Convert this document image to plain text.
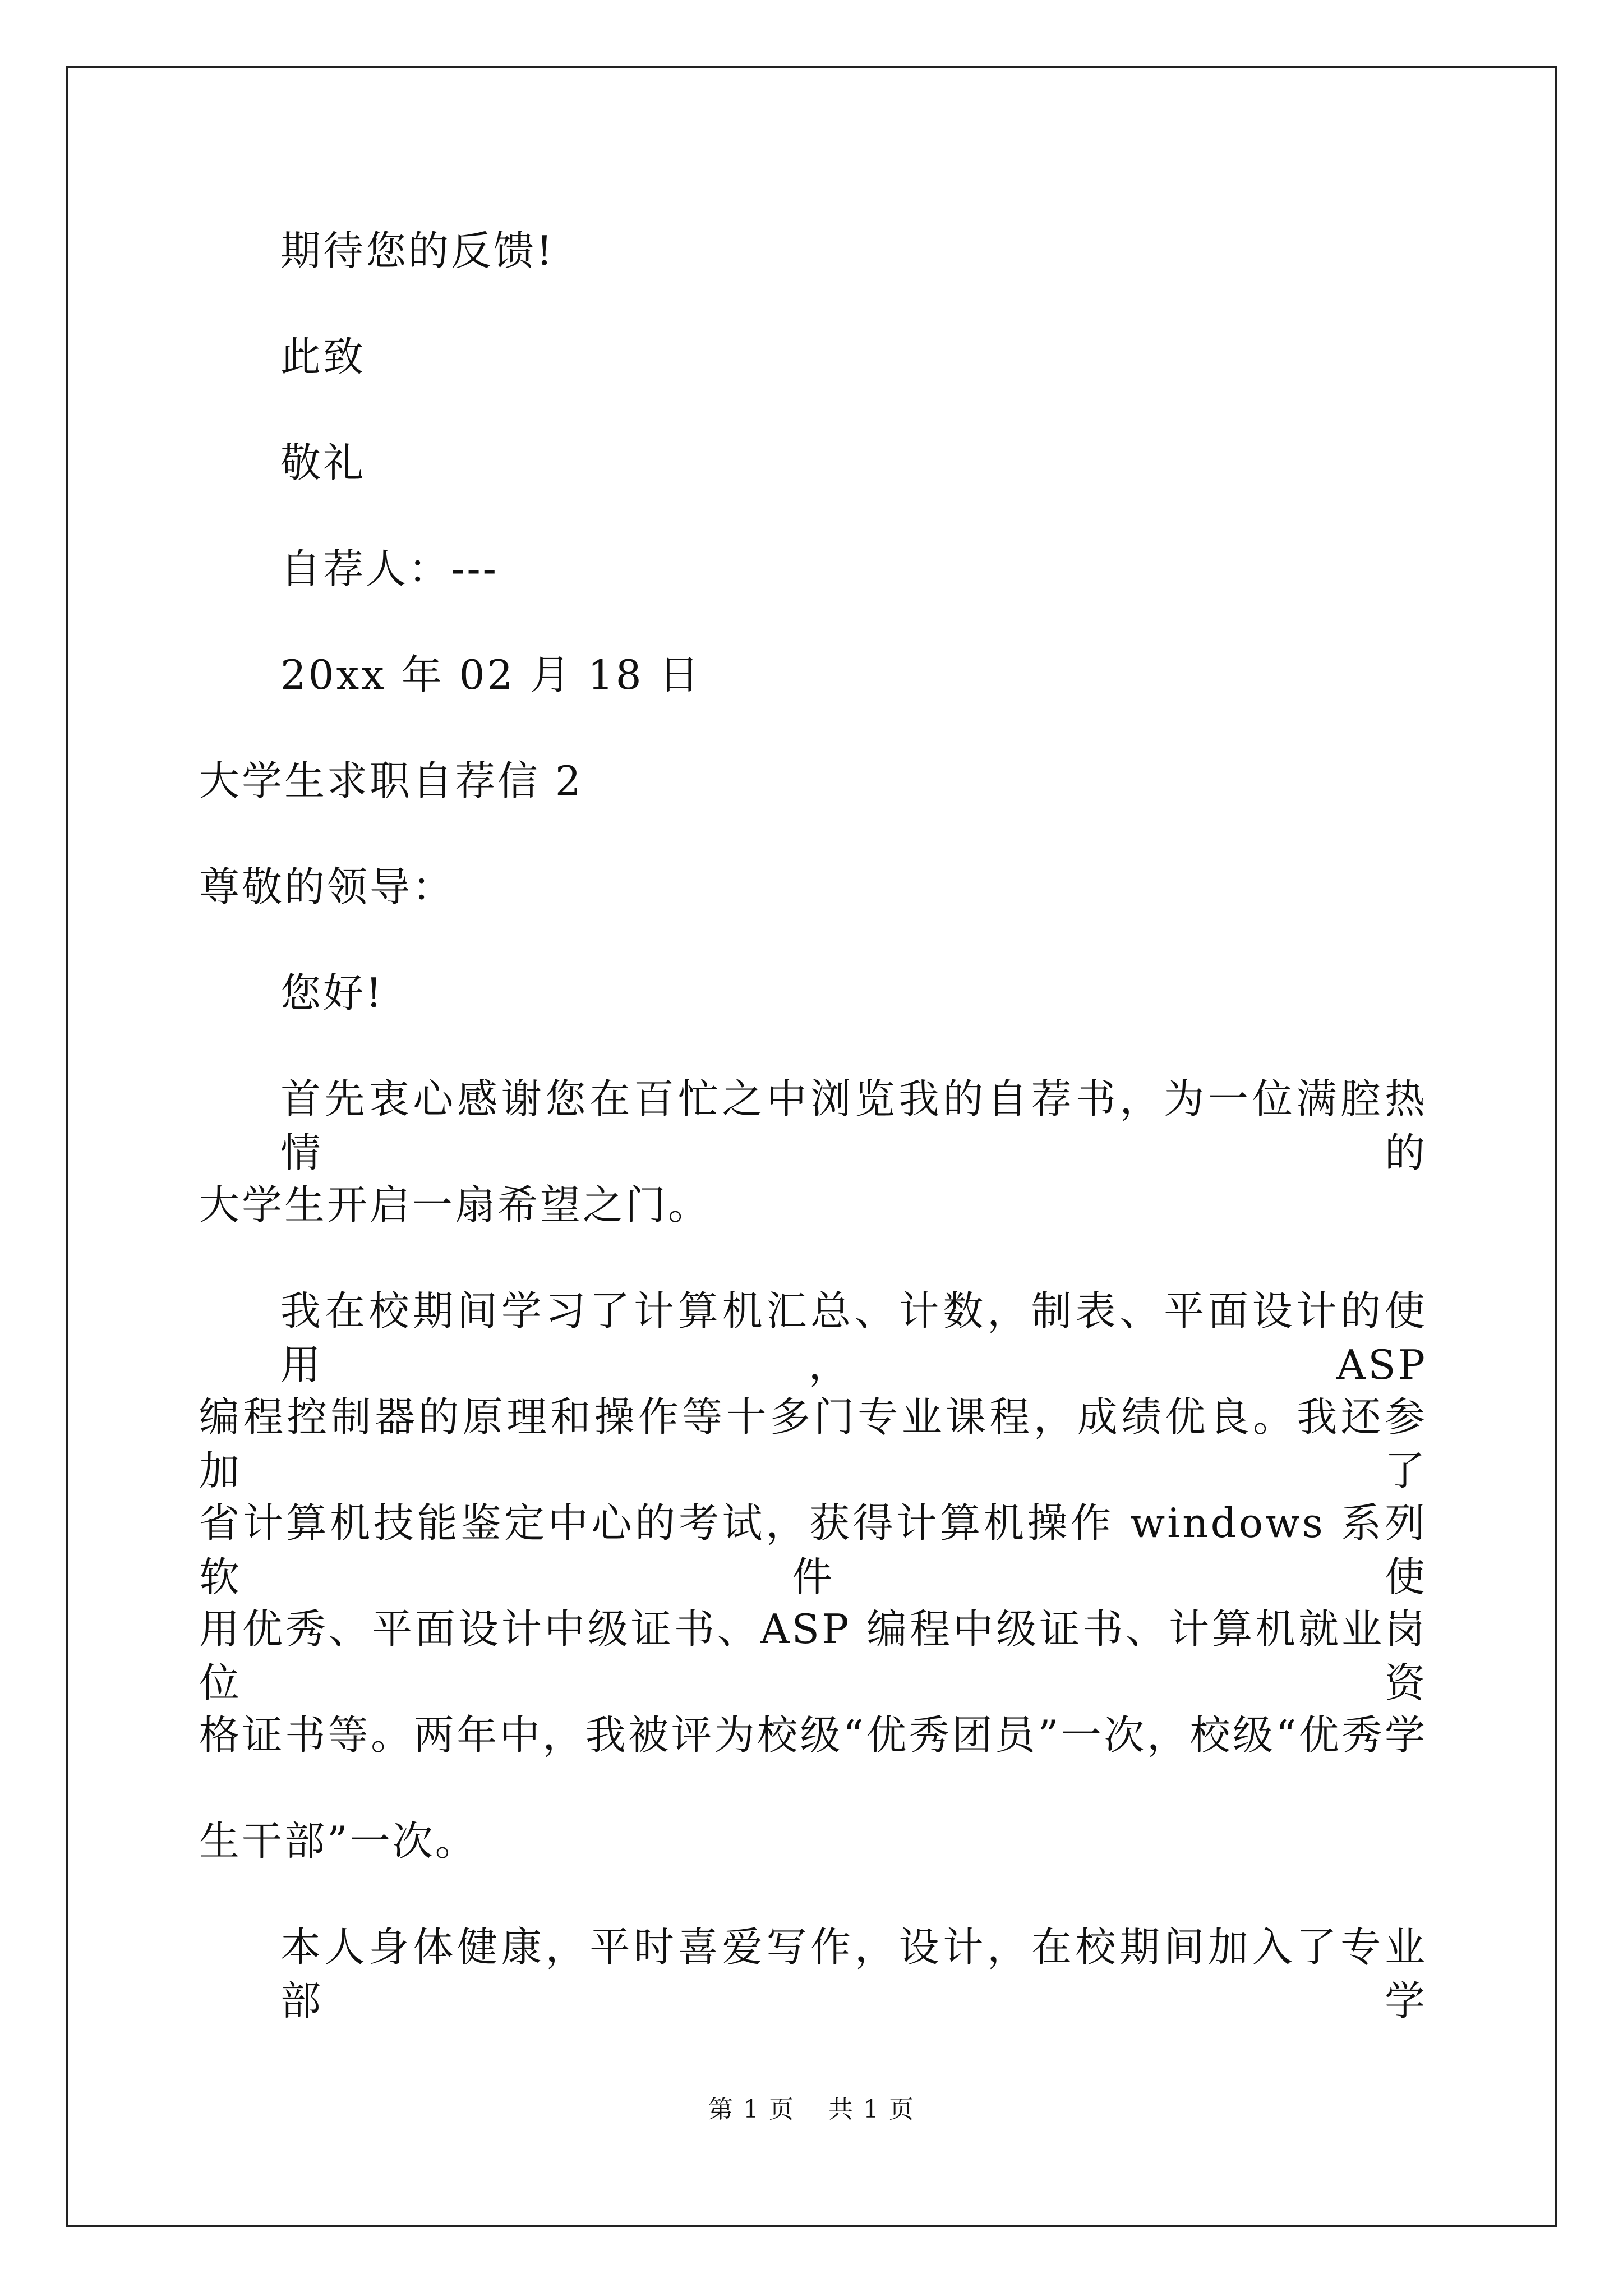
期待您的反馈!
此致
敬礼
自荐人：---
20xx 年 02 月 18 日
大学生求职自荐信 2
尊敬的领导：
您好!
首先衷心感谢您在百忙之中浏览我的自荐书，为一位满腔热情的
大学生开启一扇希望之门。
我在校期间学习了计算机汇总、计数，制表、平面设计的使用，ASP
编程控制器的原理和操作等十多门专业课程，成绩优良。我还参加了
省计算机技能鉴定中心的考试，获得计算机操作 windows 系列软件使
用优秀、平面设计中级证书、ASP 编程中级证书、计算机就业岗位资
格证书等。两年中，我被评为校级“优秀团员”一次，校级“优秀学
生干部”一次。
本人身体健康，平时喜爱写作，设计，在校期间加入了专业部学
第 1 页 共 1 页
